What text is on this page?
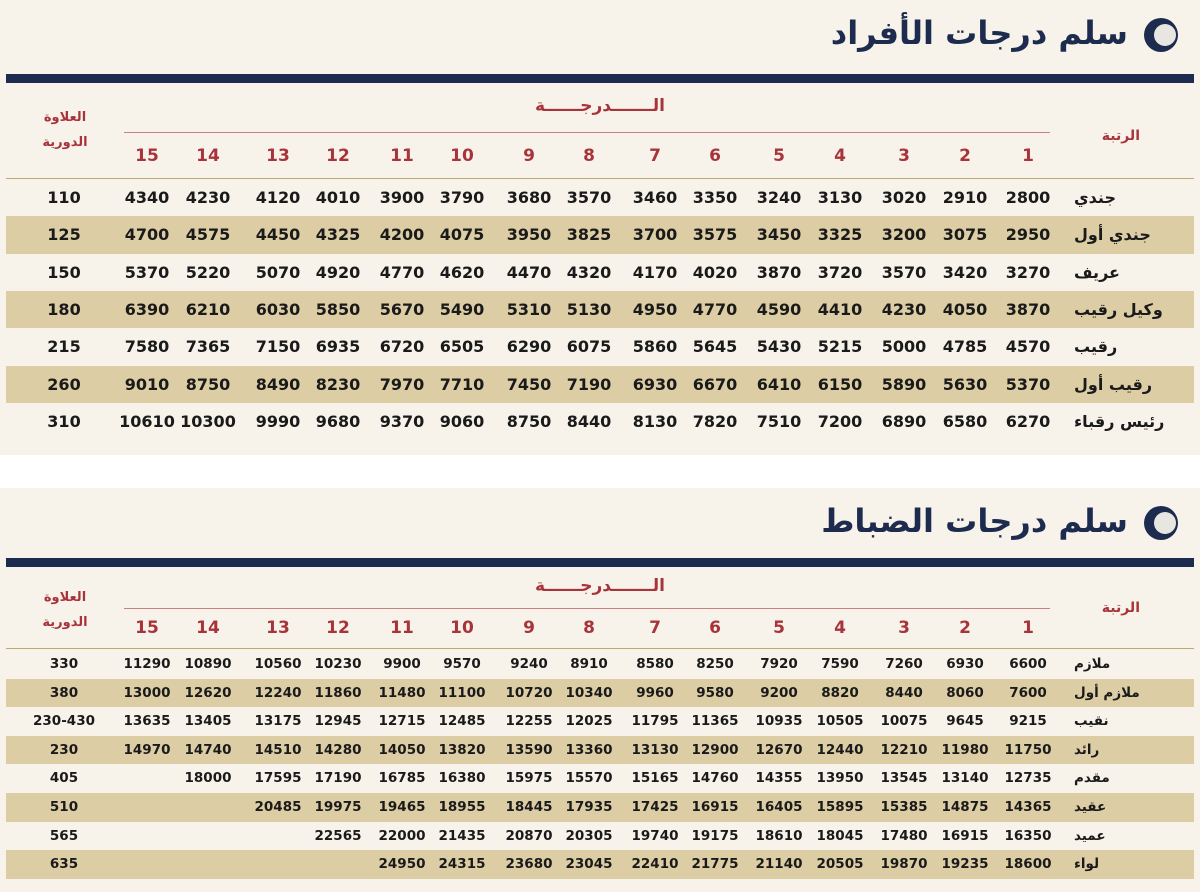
سلم درجات الأفراد
الـــــــدرجــــــة
الرتبة
العلاوة
الدورية
1
2
3
4
5
6
7
8
9
10
11
12
13
14
15
جندي
2800
2910
3020
3130
3240
3350
3460
3570
3680
3790
3900
4010
4120
4230
4340
110
جندي أول
2950
3075
3200
3325
3450
3575
3700
3825
3950
4075
4200
4325
4450
4575
4700
125
عريف
3270
3420
3570
3720
3870
4020
4170
4320
4470
4620
4770
4920
5070
5220
5370
150
وكيل رقيب
3870
4050
4230
4410
4590
4770
4950
5130
5310
5490
5670
5850
6030
6210
6390
180
رقيب
4570
4785
5000
5215
5430
5645
5860
6075
6290
6505
6720
6935
7150
7365
7580
215
رقيب أول
5370
5630
5890
6150
6410
6670
6930
7190
7450
7710
7970
8230
8490
8750
9010
260
رئيس رقباء
6270
6580
6890
7200
7510
7820
8130
8440
8750
9060
9370
9680
9990
10300
10610
310
سلم درجات الضباط
الـــــــدرجــــــة
الرتبة
العلاوة
الدورية	1
2
3
4
5
6
7
8
9
10
11
12
13
14
15
ملازم
6600
6930
7260
7590
7920
8250
8580
8910
9240
9570
9900
10230
10560
10890
11290
330
ملازم أول
7600
8060
8440
8820
9200
9580
9960
10340
10720
11100
11480
11860
12240
12620
13000
380
نقيب
9215
9645
10075
10505
10935
11365
11795
12025
12255
12485
12715
12945
13175
13405
13635
230-430
رائد
11750
11980
12210
12440
12670
12900
13130
13360
13590
13820
14050
14280
14510
14740
14970
230
مقدم
12735
13140
13545
13950
14355
14760
15165
15570
15975
16380
16785
17190
17595
18000
405
عقيد
14365
14875
15385
15895
16405
16915
17425
17935
18445
18955
19465
19975
20485
510
عميد
16350
16915
17480
18045
18610
19175
19740
20305
20870
21435
22000
22565
565
لواء
18600
19235
19870
20505
21140
21775
22410
23045
23680
24315
24950
635
